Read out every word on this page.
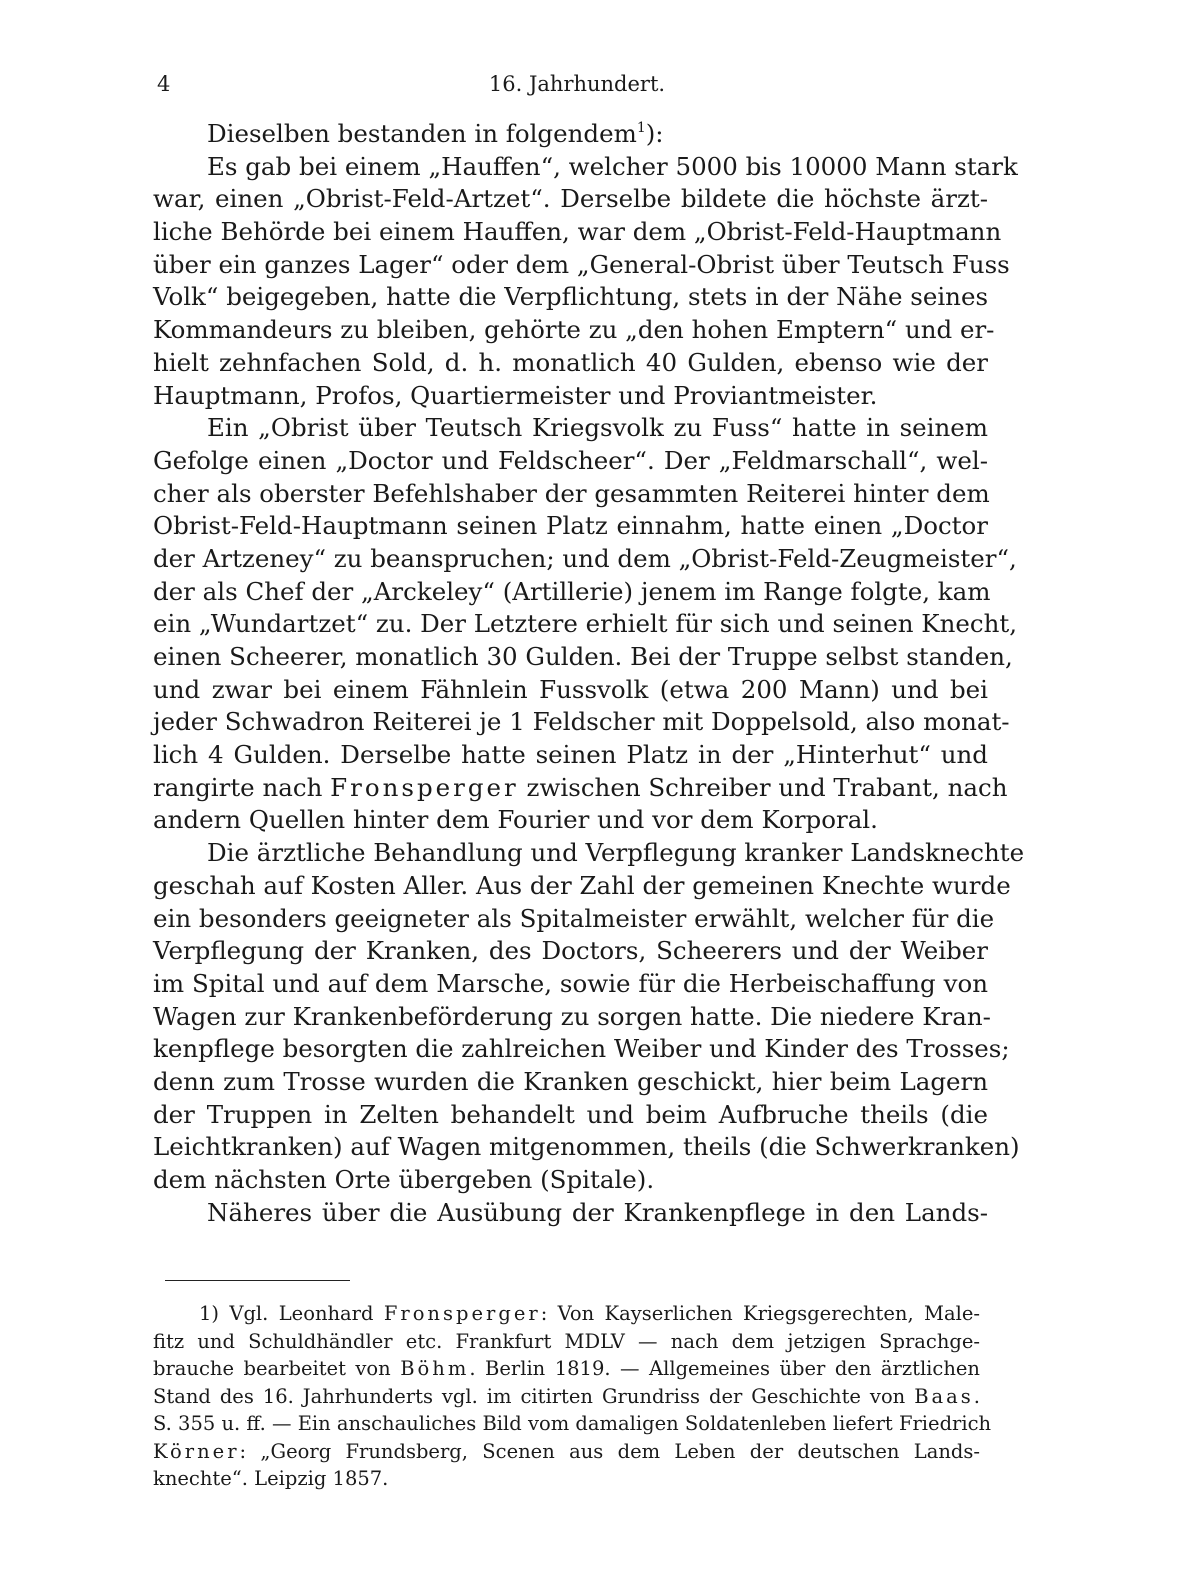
4	16. Jahrhundert.
Dieselben bestanden in folgendem$^1$):
Es gab bei einem „Hauffen“, welcher 5000 bis 10000 Mann stark
war, einen „Obrist-Feld-Artzet“. Derselbe bildete die höchste ärzt-
liche Behörde bei einem Hauffen, war dem „Obrist-Feld-Hauptmann
über ein ganzes Lager“ oder dem „General-Obrist über Teutsch Fuss
Volk“ beigegeben, hatte die Verpflichtung, stets in der Nähe seines
Kommandeurs zu bleiben, gehörte zu „den hohen Emptern“ und er-
hielt zehnfachen Sold, d. h. monatlich 40 Gulden, ebenso wie der
Hauptmann, Profos, Quartiermeister und Proviantmeister.
Ein „Obrist über Teutsch Kriegsvolk zu Fuss“ hatte in seinem
Gefolge einen „Doctor und Feldscheer“. Der „Feldmarschall“, wel-
cher als oberster Befehlshaber der gesammten Reiterei hinter dem
Obrist-Feld-Hauptmann seinen Platz einnahm, hatte einen „Doctor
der Artzeney“ zu beanspruchen; und dem „Obrist-Feld-Zeugmeister“,
der als Chef der „Arckeley“ (Artillerie) jenem im Range folgte, kam
ein „Wundartzet“ zu. Der Letztere erhielt für sich und seinen Knecht,
einen Scheerer, monatlich 30 Gulden. Bei der Truppe selbst standen,
und zwar bei einem Fähnlein Fussvolk (etwa 200 Mann) und bei
jeder Schwadron Reiterei je 1 Feldscher mit Doppelsold, also monat-
lich 4 Gulden. Derselbe hatte seinen Platz in der „Hinterhut“ und
rangirte nach Fronsperger zwischen Schreiber und Trabant, nach
andern Quellen hinter dem Fourier und vor dem Korporal.
Die ärztliche Behandlung und Verpflegung kranker Landsknechte
geschah auf Kosten Aller. Aus der Zahl der gemeinen Knechte wurde
ein besonders geeigneter als Spitalmeister erwählt, welcher für die
Verpflegung der Kranken, des Doctors, Scheerers und der Weiber
im Spital und auf dem Marsche, sowie für die Herbeischaffung von
Wagen zur Krankenbeförderung zu sorgen hatte. Die niedere Kran-
kenpflege besorgten die zahlreichen Weiber und Kinder des Trosses;
denn zum Trosse wurden die Kranken geschickt, hier beim Lagern
der Truppen in Zelten behandelt und beim Aufbruche theils (die
Leichtkranken) auf Wagen mitgenommen, theils (die Schwerkranken)
dem nächsten Orte übergeben (Spitale).
Näheres über die Ausübung der Krankenpflege in den Lands-
1) Vgl. Leonhard Fronsperger: Von Kayserlichen Kriegsgerechten, Male-
fitz und Schuldhändler etc. Frankfurt MDLV — nach dem jetzigen Sprachge-
brauche bearbeitet von Böhm. Berlin 1819. — Allgemeines über den ärztlichen
Stand des 16. Jahrhunderts vgl. im citirten Grundriss der Geschichte von Baas.
S. 355 u. ff. — Ein anschauliches Bild vom damaligen Soldatenleben liefert Friedrich
Körner: „Georg Frundsberg, Scenen aus dem Leben der deutschen Lands-
knechte“. Leipzig 1857.
